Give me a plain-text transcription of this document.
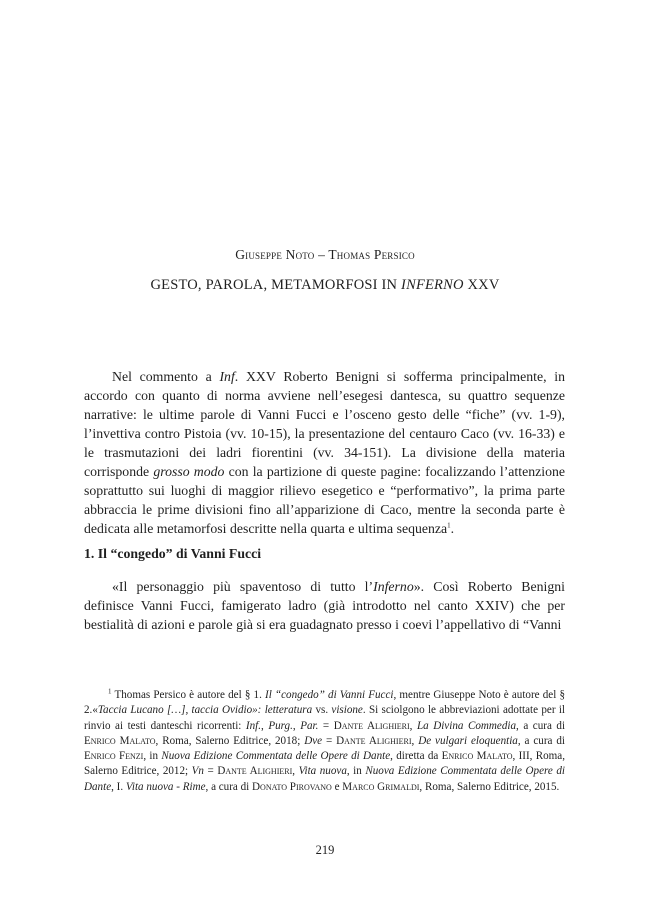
Giuseppe Noto – Thomas Persico
GESTO, PAROLA, METAMORFOSI IN INFERNO XXV

Nel commento a Inf. XXV Roberto Benigni si sofferma principalmente, in accordo con quanto di norma avviene nell’esegesi dantesca, su quattro sequenze narrative: le ultime parole di Vanni Fucci e l’osceno gesto delle “fiche” (vv. 1-9), l’invettiva contro Pistoia (vv. 10-15), la presentazione del centauro Caco (vv. 16-33) e le trasmutazioni dei ladri fiorentini (vv. 34-151). La divisione della materia corrisponde grosso modo con la partizione di queste pagine: focalizzando l’attenzione soprattutto sui luoghi di maggior rilievo esegetico e “performativo”, la prima parte abbraccia le prime divisioni fino all’apparizione di Caco, mentre la seconda parte è dedicata alle metamorfosi descritte nella quarta e ultima sequenza$^1$.

1. Il “congedo” di Vanni Fucci

«Il personaggio più spaventoso di tutto l’Inferno». Così Roberto Benigni definisce Vanni Fucci, famigerato ladro (già introdotto nel canto XXIV) che per bestialità di azioni e parole già si era guadagnato presso i coevi l’appellativo di “Vanni

$^1$ Thomas Persico è autore del § 1. Il “congedo” di Vanni Fucci, mentre Giuseppe Noto è autore del § 2.«Taccia Lucano […], taccia Ovidio»: letteratura vs. visione. Si sciolgono le abbreviazioni adottate per il rinvio ai testi danteschi ricorrenti: Inf., Purg., Par. = Dante Alighieri, La Divina Commedia, a cura di Enrico Malato, Roma, Salerno Editrice, 2018; Dve = Dante Alighieri, De vulgari eloquentia, a cura di Enrico Fenzi, in Nuova Edizione Commentata delle Opere di Dante, diretta da Enrico Malato, III, Roma, Salerno Editrice, 2012; Vn = Dante Alighieri, Vita nuova, in Nuova Edizione Commentata delle Opere di Dante, I. Vita nuova - Rime, a cura di Donato Pirovano e Marco Grimaldi, Roma, Salerno Editrice, 2015.

219
